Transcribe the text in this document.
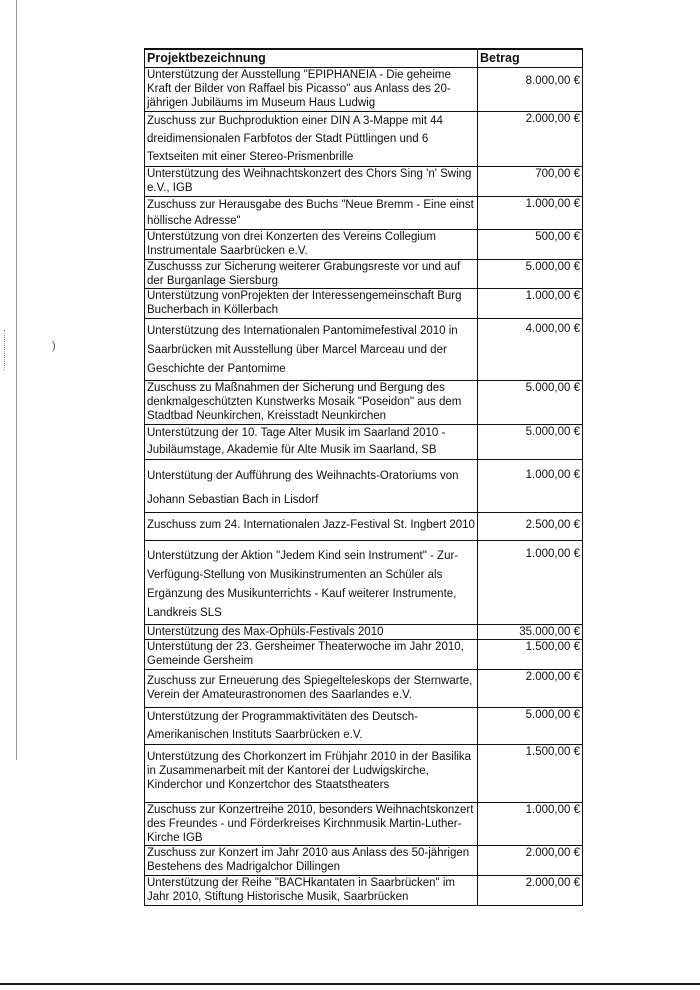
)
Projektbezeichnung	Betrag
Unterstützung der Ausstellung "EPIPHANEIA - Die geheime Kraft der Bilder von Raffael bis Picasso" aus Anlass des 20-jährigen Jubiläums im Museum Haus Ludwig	8.000,00 €
Zuschuss zur Buchproduktion einer DIN A 3-Mappe mit 44 dreidimensionalen Farbfotos der Stadt Püttlingen und 6 Textseiten mit einer Stereo-Prismenbrille	2.000,00 €
Unterstützung des Weihnachtskonzert des Chors Sing 'n' Swing e.V., IGB	700,00 €
Zuschuss zur Herausgabe des Buchs "Neue Bremm - Eine einst höllische Adresse"	1.000,00 €
Unterstützung von drei Konzerten des Vereins Collegium Instrumentale Saarbrücken e.V.	500,00 €
Zuschusss zur Sicherung weiterer Grabungsreste vor und auf der Burganlage Siersburg	5.000,00 €
Unterstützung vonProjekten der Interessengemeinschaft Burg Bucherbach in Köllerbach	1.000,00 €
Unterstützung des Internationalen Pantomimefestival 2010 in Saarbrücken mit Ausstellung über Marcel Marceau und der Geschichte der Pantomime	4.000,00 €
Zuschuss zu Maßnahmen der Sicherung und Bergung des denkmalgeschützten Kunstwerks Mosaik "Poseidon" aus dem Stadtbad Neunkirchen, Kreisstadt Neunkirchen	5.000,00 €
Unterstützung der 10. Tage Alter Musik im Saarland 2010 - Jubiläumstage, Akademie für Alte Musik im Saarland, SB	5.000,00 €
Unterstütung der Aufführung des Weihnachts-Oratoriums von Johann Sebastian Bach in Lisdorf	1.000,00 €
Zuschuss zum 24. Internationalen Jazz-Festival St. Ingbert 2010	2.500,00 €
Unterstützung der Aktion "Jedem Kind sein Instrument" - Zur-Verfügung-Stellung von Musikinstrumenten an Schüler als Ergänzung des Musikunterrichts - Kauf weiterer Instrumente, Landkreis SLS	1.000,00 €
Unterstützung des Max-Ophüls-Festivals 2010	35.000,00 €
Unterstütung der 23. Gersheimer Theaterwoche im Jahr 2010, Gemeinde Gersheim	1.500,00 €
Zuschuss zur Erneuerung des Spiegelteleskops der Sternwarte, Verein der Amateurastronomen des Saarlandes e.V.	2.000,00 €
Unterstützung der Programmaktivitäten des Deutsch-Amerikanischen Instituts Saarbrücken e.V.	5.000,00 €
Unterstützung des Chorkonzert im Frühjahr 2010 in der Basilika in Zusammenarbeit mit der Kantorei der Ludwigskirche, Kinderchor und Konzertchor des Staatstheaters	1.500,00 €
Zuschuss zur Konzertreihe 2010, besonders Weihnachtskonzert des Freundes - und Förderkreises Kirchnmusik Martin-Luther-Kirche IGB	1.000,00 €
Zuschuss zur Konzert im Jahr 2010 aus Anlass des 50-jährigen Bestehens des Madrigalchor Dillingen	2.000,00 €
Unterstützung der Reihe "BACHkantaten in Saarbrücken" im Jahr 2010, Stiftung Historische Musik, Saarbrücken	2.000,00 €
